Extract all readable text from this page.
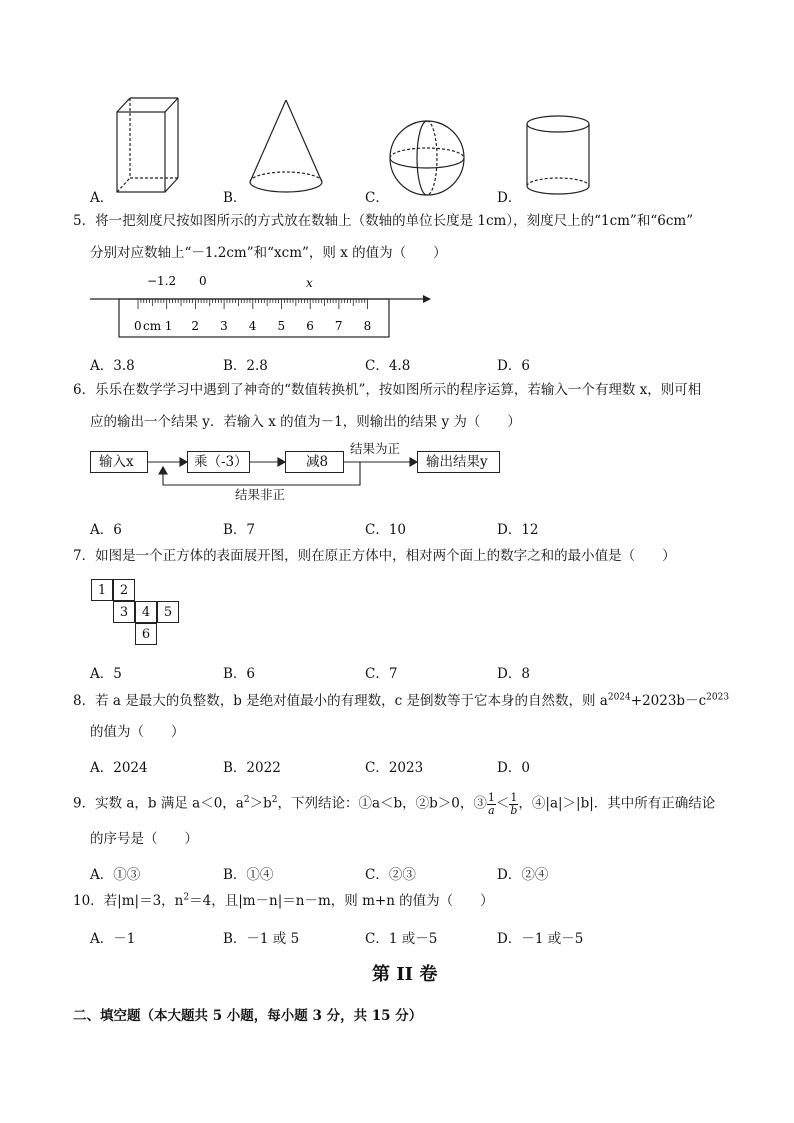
A．	B．	C．	D．
5．将一把刻度尺按如图所示的方式放在数轴上（数轴的单位长度是 1cm），刻度尺上的“1cm”和“6cm”
分别对应数轴上“－1.2cm”和“xcm”，则 x 的值为（　　）
−1.2 0	x
0 cm 1 2 3 4 5 6 7 8
A．3.8	B．2.8	C．4.8	D．6
6．乐乐在数学学习中遇到了神奇的“数值转换机”，按如图所示的程序运算，若输入一个有理数 x，则可相
应的输出一个结果 y．若输入 x 的值为－1，则输出的结果 y 为（　　）
输入x	乘（-3）	减8
结果为正
输出结果y
结果非正
A．6	B．7	C．10	D．12
7．如图是一个正方体的表面展开图，则在原正方体中，相对两个面上的数字之和的最小值是（　　）
1	2
3	4	5
6
A．5	B．6	C．7	D．8
8．若 a 是最大的负整数，b 是绝对值最小的有理数，c 是倒数等于它本身的自然数，则 $a^{2024}+2023b-c^{2023}$
的值为（　　）
A．2024	B．2022	C．2023	D．0
9．实数 a，b 满足 a＜0，$a^2>b^2$，下列结论：①a＜b，②b＞0，③ $\frac{1}{a} < \frac{1}{b}$ ，④|a|＞|b|．其中所有正确结论
的序号是（　　）
A．①③	B．①④	C．②③	D．②④
10．若|m|＝3，$n^2=4$，且|m－n|＝n－m，则 m+n 的值为（　　）
A．－1	B．－1 或 5	C．1 或－5	D．－1 或－5
第 II 卷
二、填空题（本大题共 5 小题，每小题 3 分，共 15 分）
